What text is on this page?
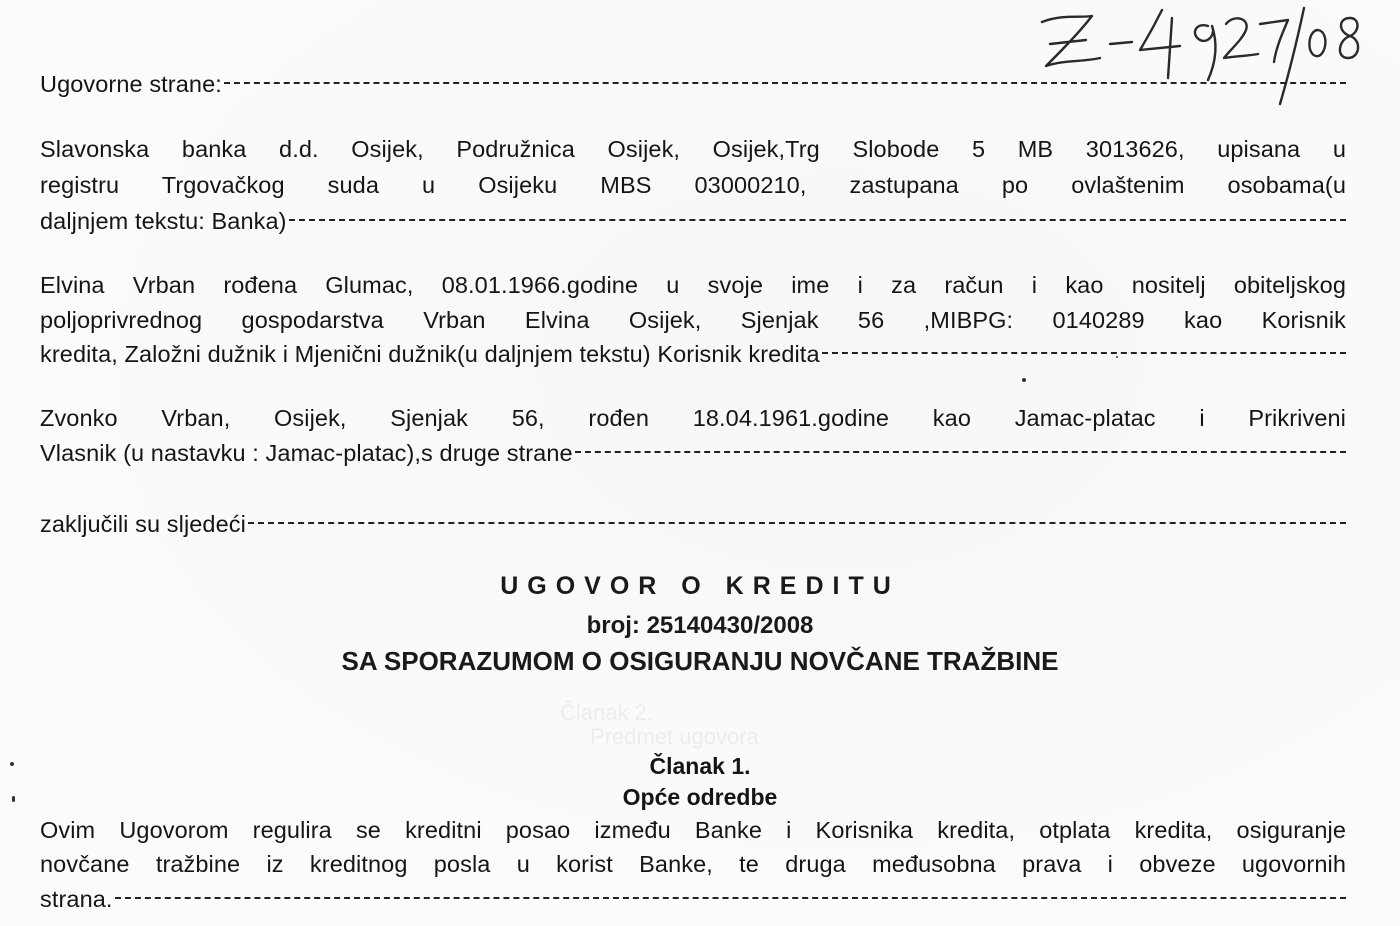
Članak 2.
Predmet ugovora
Ugovorne strane:
Slavonska banka d.d. Osijek, Podružnica Osijek, Osijek,Trg Slobode 5 MB 3013626, upisana u
registru Trgovačkog suda u Osijeku MBS 03000210, zastupana po ovlaštenim osobama(u
daljnjem tekstu: Banka)
Elvina Vrban rođena Glumac, 08.01.1966.godine u svoje ime i za račun i kao nositelj obiteljskog
poljoprivrednog gospodarstva Vrban Elvina Osijek, Sjenjak 56 ,MIBPG: 0140289 kao Korisnik
kredita, Založni dužnik i Mjenični dužnik(u daljnjem tekstu) Korisnik kredita
Zvonko Vrban, Osijek, Sjenjak 56, rođen 18.04.1961.godine kao Jamac-platac i Prikriveni
Vlasnik (u nastavku : Jamac-platac),s druge strane
zaključili su sljedeći
UGOVOR O KREDITU
broj: 25140430/2008
SA SPORAZUMOM O OSIGURANJU NOVČANE TRAŽBINE
Članak 1.
Opće odredbe
Ovim Ugovorom regulira se kreditni posao između Banke i Korisnika kredita, otplata kredita, osiguranje
novčane tražbine iz kreditnog posla u korist Banke, te druga međusobna prava i obveze ugovornih
strana.
